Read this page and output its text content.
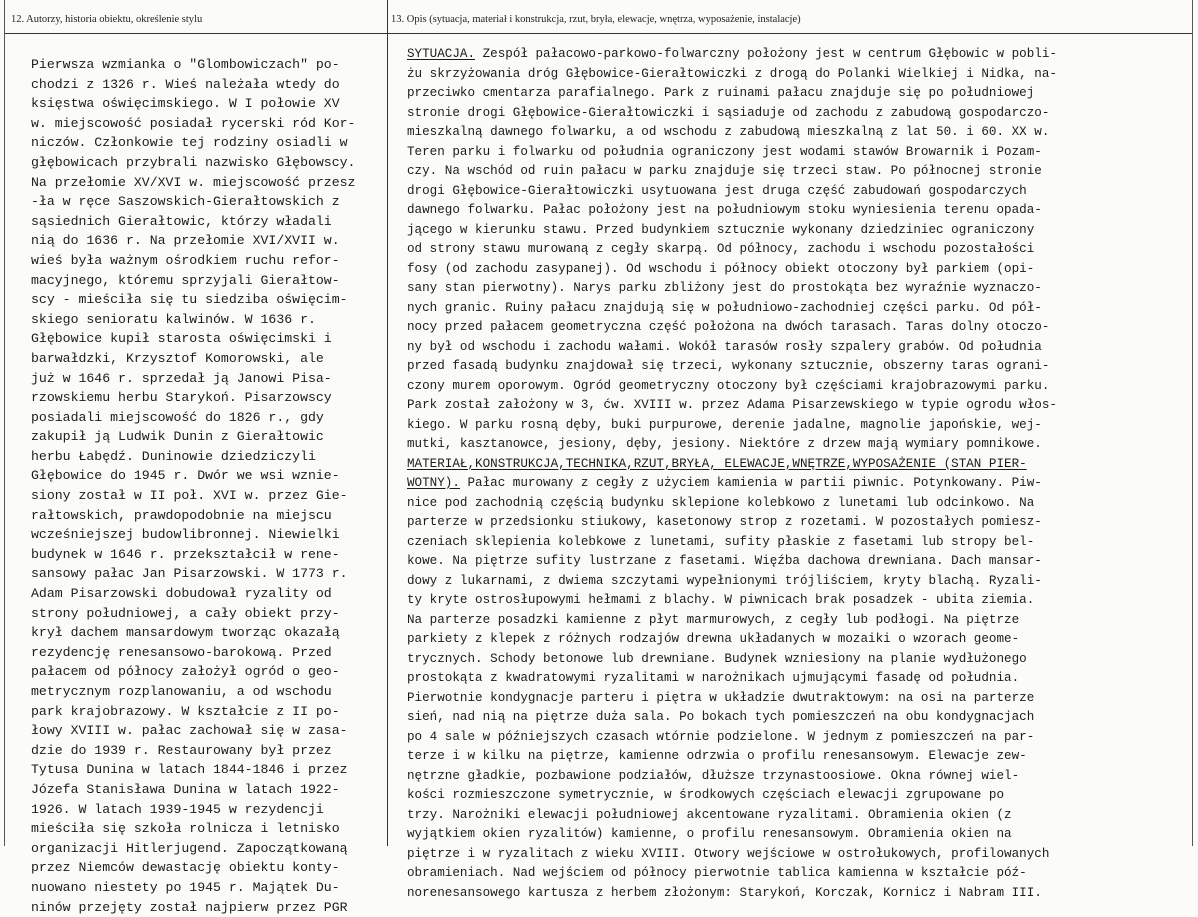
12. Autorzy, historia obiektu, określenie stylu
Pierwsza wzmianka o "Glombowiczach" po-
chodzi z 1326 r. Wieś należała wtedy do
księstwa oświęcimskiego. W I połowie XV
w. miejscowość posiadał rycerski ród Kor-
niczów. Członkowie tej rodziny osiadli w
głębowicach przybrali nazwisko Głębowscy.
Na przełomie XV/XVI w. miejscowość przesz
-ła w ręce Saszowskich-Gierałtowskich z
sąsiednich Gierałtowic, którzy władali
nią do 1636 r. Na przełomie XVI/XVII w.
wieś była ważnym ośrodkiem ruchu refor-
macyjnego, któremu sprzyjali Gierałtow-
scy - mieściła się tu siedziba oświęcim-
skiego senioratu kalwinów. W 1636 r.
Głębowice kupił starosta oświęcimski i
barwałdzki, Krzysztof Komorowski, ale
już w 1646 r. sprzedał ją Janowi Pisa-
rzowskiemu herbu Starykoń. Pisarzowscy
posiadali miejscowość do 1826 r., gdy
zakupił ją Ludwik Dunin z Gierałtowic
herbu Łabędź. Duninowie dziedziczyli
Głębowice do 1945 r. Dwór we wsi wznie-
siony został w II poł. XVI w. przez Gie-
rałtowskich, prawdopodobnie na miejscu
wcześniejszej budowlibronnej. Niewielki
budynek w 1646 r. przekształcił w rene-
sansowy pałac Jan Pisarzowski. W 1773 r.
Adam Pisarzowski dobudował ryzality od
strony południowej, a cały obiekt przy-
krył dachem mansardowym tworząc okazałą
rezydencję renesansowo-barokową. Przed
pałacem od północy założył ogród o geo-
metrycznym rozplanowaniu, a od wschodu
park krajobrazowy. W kształcie z II po-
łowy XVIII w. pałac zachował się w zasa-
dzie do 1939 r. Restaurowany był przez
Tytusa Dunina w latach 1844-1846 i przez
Józefa Stanisława Dunina w latach 1922-
1926. W latach 1939-1945 w rezydencji
mieściła się szkoła rolnicza i letnisko
organizacji Hitlerjugend. Zapoczątkowaną
przez Niemców dewastację obiektu konty-
nuowano niestety po 1945 r. Majątek Du-
ninów przejęty został najpierw przez PGR
13. Opis (sytuacja, materiał i konstrukcja, rzut, bryła, elewacje, wnętrza, wyposażenie, instalacje)
SYTUACJA. Zespół pałacowo-parkowo-folwarczny położony jest w centrum Głębowic w pobli-
żu skrzyżowania dróg Głębowice-Gierałtowiczki z drogą do Polanki Wielkiej i Nidka, na-
przeciwko cmentarza parafialnego. Park z ruinami pałacu znajduje się po południowej
stronie drogi Głębowice-Gierałtowiczki i sąsiaduje od zachodu z zabudową gospodarczo-
mieszkalną dawnego folwarku, a od wschodu z zabudową mieszkalną z lat 50. i 60. XX w.
Teren parku i folwarku od południa ograniczony jest wodami stawów Browarnik i Pozam-
czy. Na wschód od ruin pałacu w parku znajduje się trzeci staw. Po północnej stronie
drogi Głębowice-Gierałtowiczki usytuowana jest druga część zabudowań gospodarczych
dawnego folwarku. Pałac położony jest na południowym stoku wyniesienia terenu opada-
jącego w kierunku stawu. Przed budynkiem sztucznie wykonany dziedziniec ograniczony
od strony stawu murowaną z cegły skarpą. Od północy, zachodu i wschodu pozostałości
fosy (od zachodu zasypanej). Od wschodu i północy obiekt otoczony był parkiem (opi-
sany stan pierwotny). Narys parku zbliżony jest do prostokąta bez wyraźnie wyznaczo-
nych granic. Ruiny pałacu znajdują się w południowo-zachodniej części parku. Od pół-
nocy przed pałacem geometryczna część położona na dwóch tarasach. Taras dolny otoczo-
ny był od wschodu i zachodu wałami. Wokół tarasów rosły szpalery grabów. Od południa
przed fasadą budynku znajdował się trzeci, wykonany sztucznie, obszerny taras ograni-
czony murem oporowym. Ogród geometryczny otoczony był częściami krajobrazowymi parku.
Park został założony w 3, ćw. XVIII w. przez Adama Pisarzewskiego w typie ogrodu włos-
kiego. W parku rosną dęby, buki purpurowe, derenie jadalne, magnolie japońskie, wej-
mutki, kasztanowce, jesiony, dęby, jesiony. Niektóre z drzew mają wymiary pomnikowe.
MATERIAŁ,KONSTRUKCJA,TECHNIKA,RZUT,BRYŁA, ELEWACJE,WNĘTRZE,WYPOSAŻENIE (STAN PIER-
WOTNY). Pałac murowany z cegły z użyciem kamienia w partii piwnic. Potynkowany. Piw-
nice pod zachodnią częścią budynku sklepione kolebkowo z lunetami lub odcinkowo. Na
parterze w przedsionku stiukowy, kasetonowy strop z rozetami. W pozostałych pomiesz-
czeniach sklepienia kolebkowe z lunetami, sufity płaskie z fasetami lub stropy bel-
kowe. Na piętrze sufity lustrzane z fasetami. Więźba dachowa drewniana. Dach mansar-
dowy z lukarnami, z dwiema szczytami wypełnionymi trójliściem, kryty blachą. Ryzali-
ty kryte ostrosłupowymi hełmami z blachy. W piwnicach brak posadzek - ubita ziemia.
Na parterze posadzki kamienne z płyt marmurowych, z cegły lub podłogi. Na piętrze
parkiety z klepek z różnych rodzajów drewna układanych w mozaiki o wzorach geome-
trycznych. Schody betonowe lub drewniane. Budynek wzniesiony na planie wydłużonego
prostokąta z kwadratowymi ryzalitami w narożnikach ujmującymi fasadę od południa.
Pierwotnie kondygnacje parteru i piętra w układzie dwutraktowym: na osi na parterze
sień, nad nią na piętrze duża sala. Po bokach tych pomieszczeń na obu kondygnacjach
po 4 sale w późniejszych czasach wtórnie podzielone. W jednym z pomieszczeń na par-
terze i w kilku na piętrze, kamienne odrzwia o profilu renesansowym. Elewacje zew-
nętrzne gładkie, pozbawione podziałów, dłuższe trzynastoosiowe. Okna równej wiel-
kości rozmieszczone symetrycznie, w środkowych częściach elewacji zgrupowane po
trzy. Narożniki elewacji południowej akcentowane ryzalitami. Obramienia okien (z
wyjątkiem okien ryzalitów) kamienne, o profilu renesansowym. Obramienia okien na
piętrze i w ryzalitach z wieku XVIII. Otwory wejściowe w ostrołukowych, profilowanych
obramieniach. Nad wejściem od północy pierwotnie tablica kamienna w kształcie póź-
norenesansowego kartusza z herbem złożonym: Starykoń, Korczak, Kornicz i Nabram III.
